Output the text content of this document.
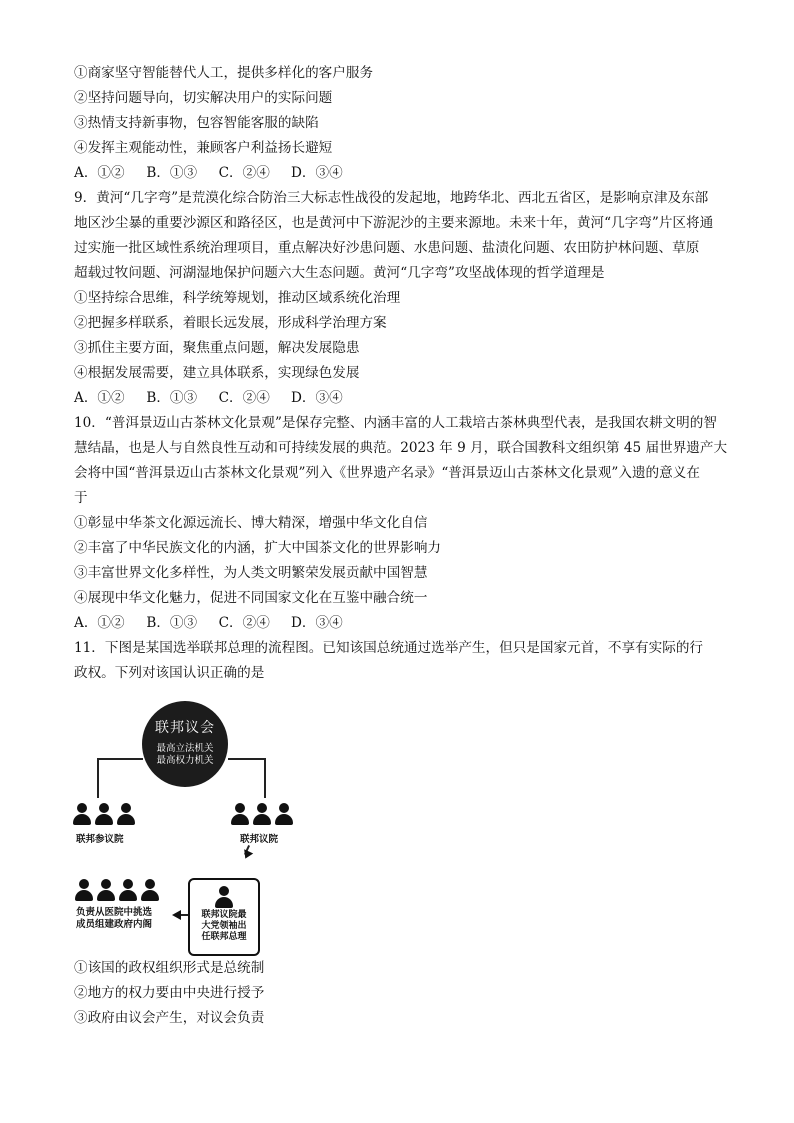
①商家坚守智能替代人工，提供多样化的客户服务
②坚持问题导向，切实解决用户的实际问题
③热情支持新事物，包容智能客服的缺陷
④发挥主观能动性，兼顾客户利益扬长避短
A．①② B．①③ C．②④ D．③④
9．黄河“几字弯”是荒漠化综合防治三大标志性战役的发起地，地跨华北、西北五省区，是影响京津及东部
地区沙尘暴的重要沙源区和路径区，也是黄河中下游泥沙的主要来源地。未来十年，黄河“几字弯”片区将通
过实施一批区域性系统治理项目，重点解决好沙患问题、水患问题、盐渍化问题、农田防护林问题、草原
超载过牧问题、河湖湿地保护问题六大生态问题。黄河“几字弯”攻坚战体现的哲学道理是
①坚持综合思维，科学统筹规划，推动区域系统化治理
②把握多样联系，着眼长远发展，形成科学治理方案
③抓住主要方面，聚焦重点问题，解决发展隐患
④根据发展需要，建立具体联系，实现绿色发展
A．①② B．①③ C．②④ D．③④
10．“普洱景迈山古茶林文化景观”是保存完整、内涵丰富的人工栽培古茶林典型代表，是我国农耕文明的智
慧结晶，也是人与自然良性互动和可持续发展的典范。2023 年 9 月，联合国教科文组织第 45 届世界遗产大
会将中国“普洱景迈山古茶林文化景观”列入《世界遗产名录》“普洱景迈山古茶林文化景观”入遗的意义在
于
①彰显中华茶文化源远流长、博大精深，增强中华文化自信
②丰富了中华民族文化的内涵，扩大中国茶文化的世界影响力
③丰富世界文化多样性，为人类文明繁荣发展贡献中国智慧
④展现中华文化魅力，促进不同国家文化在互鉴中融合统一
A．①② B．①③ C．②④ D．③④
11．下图是某国选举联邦总理的流程图。已知该国总统通过选举产生，但只是国家元首，不享有实际的行
政权。下列对该国认识正确的是
联邦议会
最高立法机关
最高权力机关
联邦参议院	联邦议院
联邦议院最
大党领袖出
任联邦总理
负责从医院中挑选
成员组建政府内阁
①该国的政权组织形式是总统制
②地方的权力要由中央进行授予
③政府由议会产生，对议会负责
